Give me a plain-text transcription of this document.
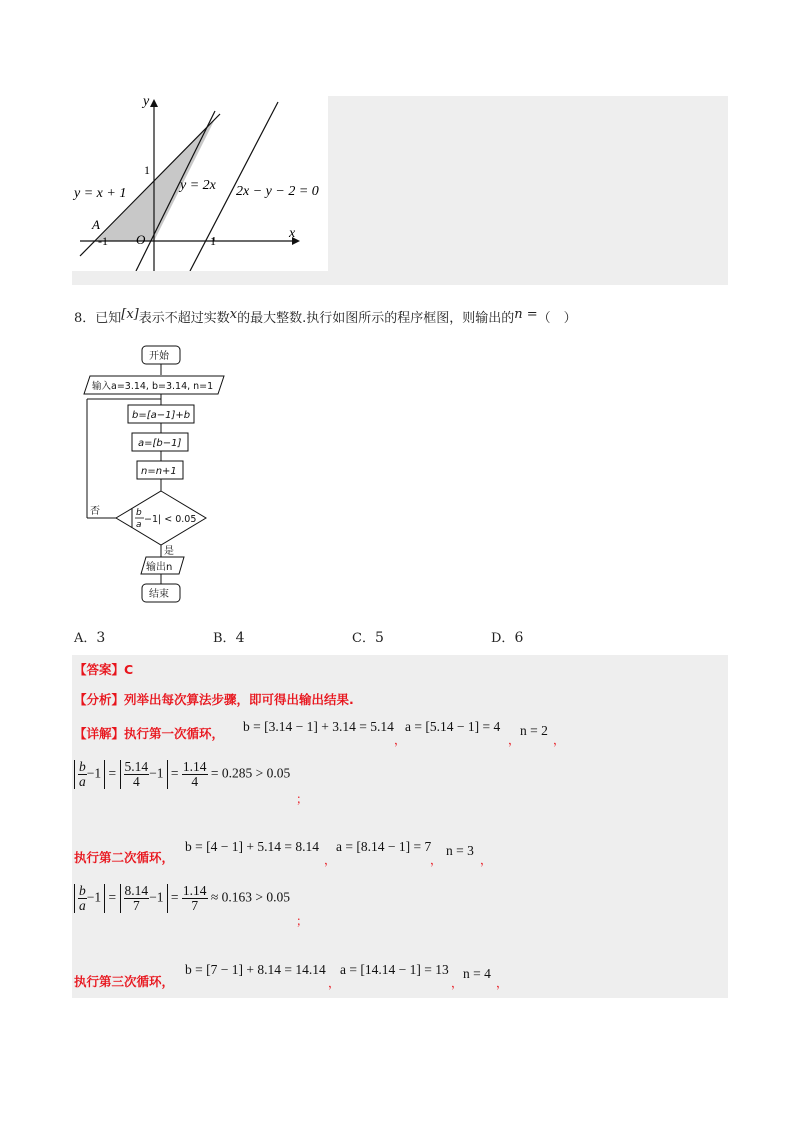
y
x
O
A
-1	1
1
y = x + 1
y = 2x 2x − y − 2 = 0
8．已知[x]表示不超过实数x的最大整数.执行如图所示的程序框图，则输出的n =（　）
开始
输入a=3.14, b=3.14, n=1
b=[a−1]+b
a=[b−1]
n=n+1
b
a −1| < 0.05
否
是
输出n
结束
A．3	B．4	C．5	D．6
【答案】C
【分析】列举出每次算法步骤，即可得出输出结果.
【详解】执行第一次循环， b = [3.14 − 1] + 3.14 = 5.14
，
a = [5.14 − 1] = 4
，
n = 2
，
$\frac{b}{a} -1 = \frac{5.14}{4} -1 = \frac{1.14}{4} = 0.285 > 0.05$
；
执行第二次循环，
b = [4 − 1] + 5.14 = 8.14
，
a = [8.14 − 1] = 7
，
n = 3
，
$\frac{b}{a} -1 = \frac{8.14}{7} -1 = \frac{1.14}{7} \approx 0.163 > 0.05$
；
执行第三次循环，
b = [7 − 1] + 8.14 = 14.14
，
a = [14.14 − 1] = 13
，
n = 4
，
